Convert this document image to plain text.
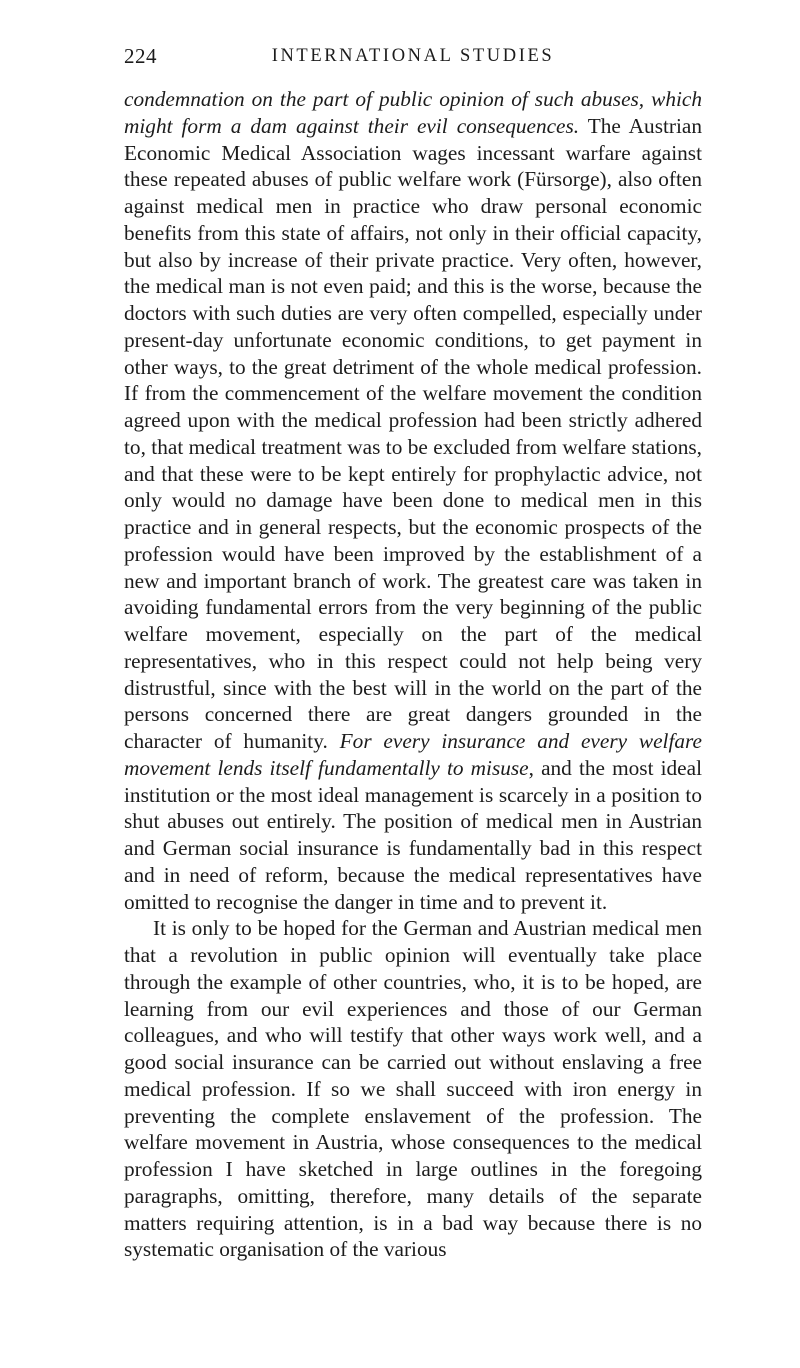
224	INTERNATIONAL STUDIES

condemnation on the part of public opinion of such abuses, which might form a dam against their evil consequences. The Austrian Economic Medical Association wages incessant warfare against these repeated abuses of public welfare work (Fürsorge), also often against medical men in practice who draw personal economic benefits from this state of affairs, not only in their official capacity, but also by increase of their private practice. Very often, however, the medical man is not even paid; and this is the worse, because the doctors with such duties are very often compelled, especially under present-day unfortunate economic conditions, to get payment in other ways, to the great detriment of the whole medical profession. If from the commencement of the welfare movement the condition agreed upon with the medical profession had been strictly adhered to, that medical treatment was to be excluded from welfare stations, and that these were to be kept entirely for prophylactic advice, not only would no damage have been done to medical men in this practice and in general respects, but the economic prospects of the profession would have been improved by the establishment of a new and important branch of work. The greatest care was taken in avoiding fundamental errors from the very beginning of the public welfare movement, especially on the part of the medical representatives, who in this respect could not help being very distrustful, since with the best will in the world on the part of the persons concerned there are great dangers grounded in the character of humanity. For every insurance and every welfare movement lends itself fundamentally to misuse, and the most ideal institution or the most ideal management is scarcely in a position to shut abuses out entirely. The position of medical men in Austrian and German social insurance is fundamentally bad in this respect and in need of reform, because the medical representatives have omitted to recognise the danger in time and to prevent it.

It is only to be hoped for the German and Austrian medical men that a revolution in public opinion will eventually take place through the example of other countries, who, it is to be hoped, are learning from our evil experiences and those of our German colleagues, and who will testify that other ways work well, and a good social insurance can be carried out without enslaving a free medical profession. If so we shall succeed with iron energy in preventing the complete enslavement of the profession. The welfare movement in Austria, whose consequences to the medical profession I have sketched in large outlines in the foregoing paragraphs, omitting, therefore, many details of the separate matters requiring attention, is in a bad way because there is no systematic organisation of the various
